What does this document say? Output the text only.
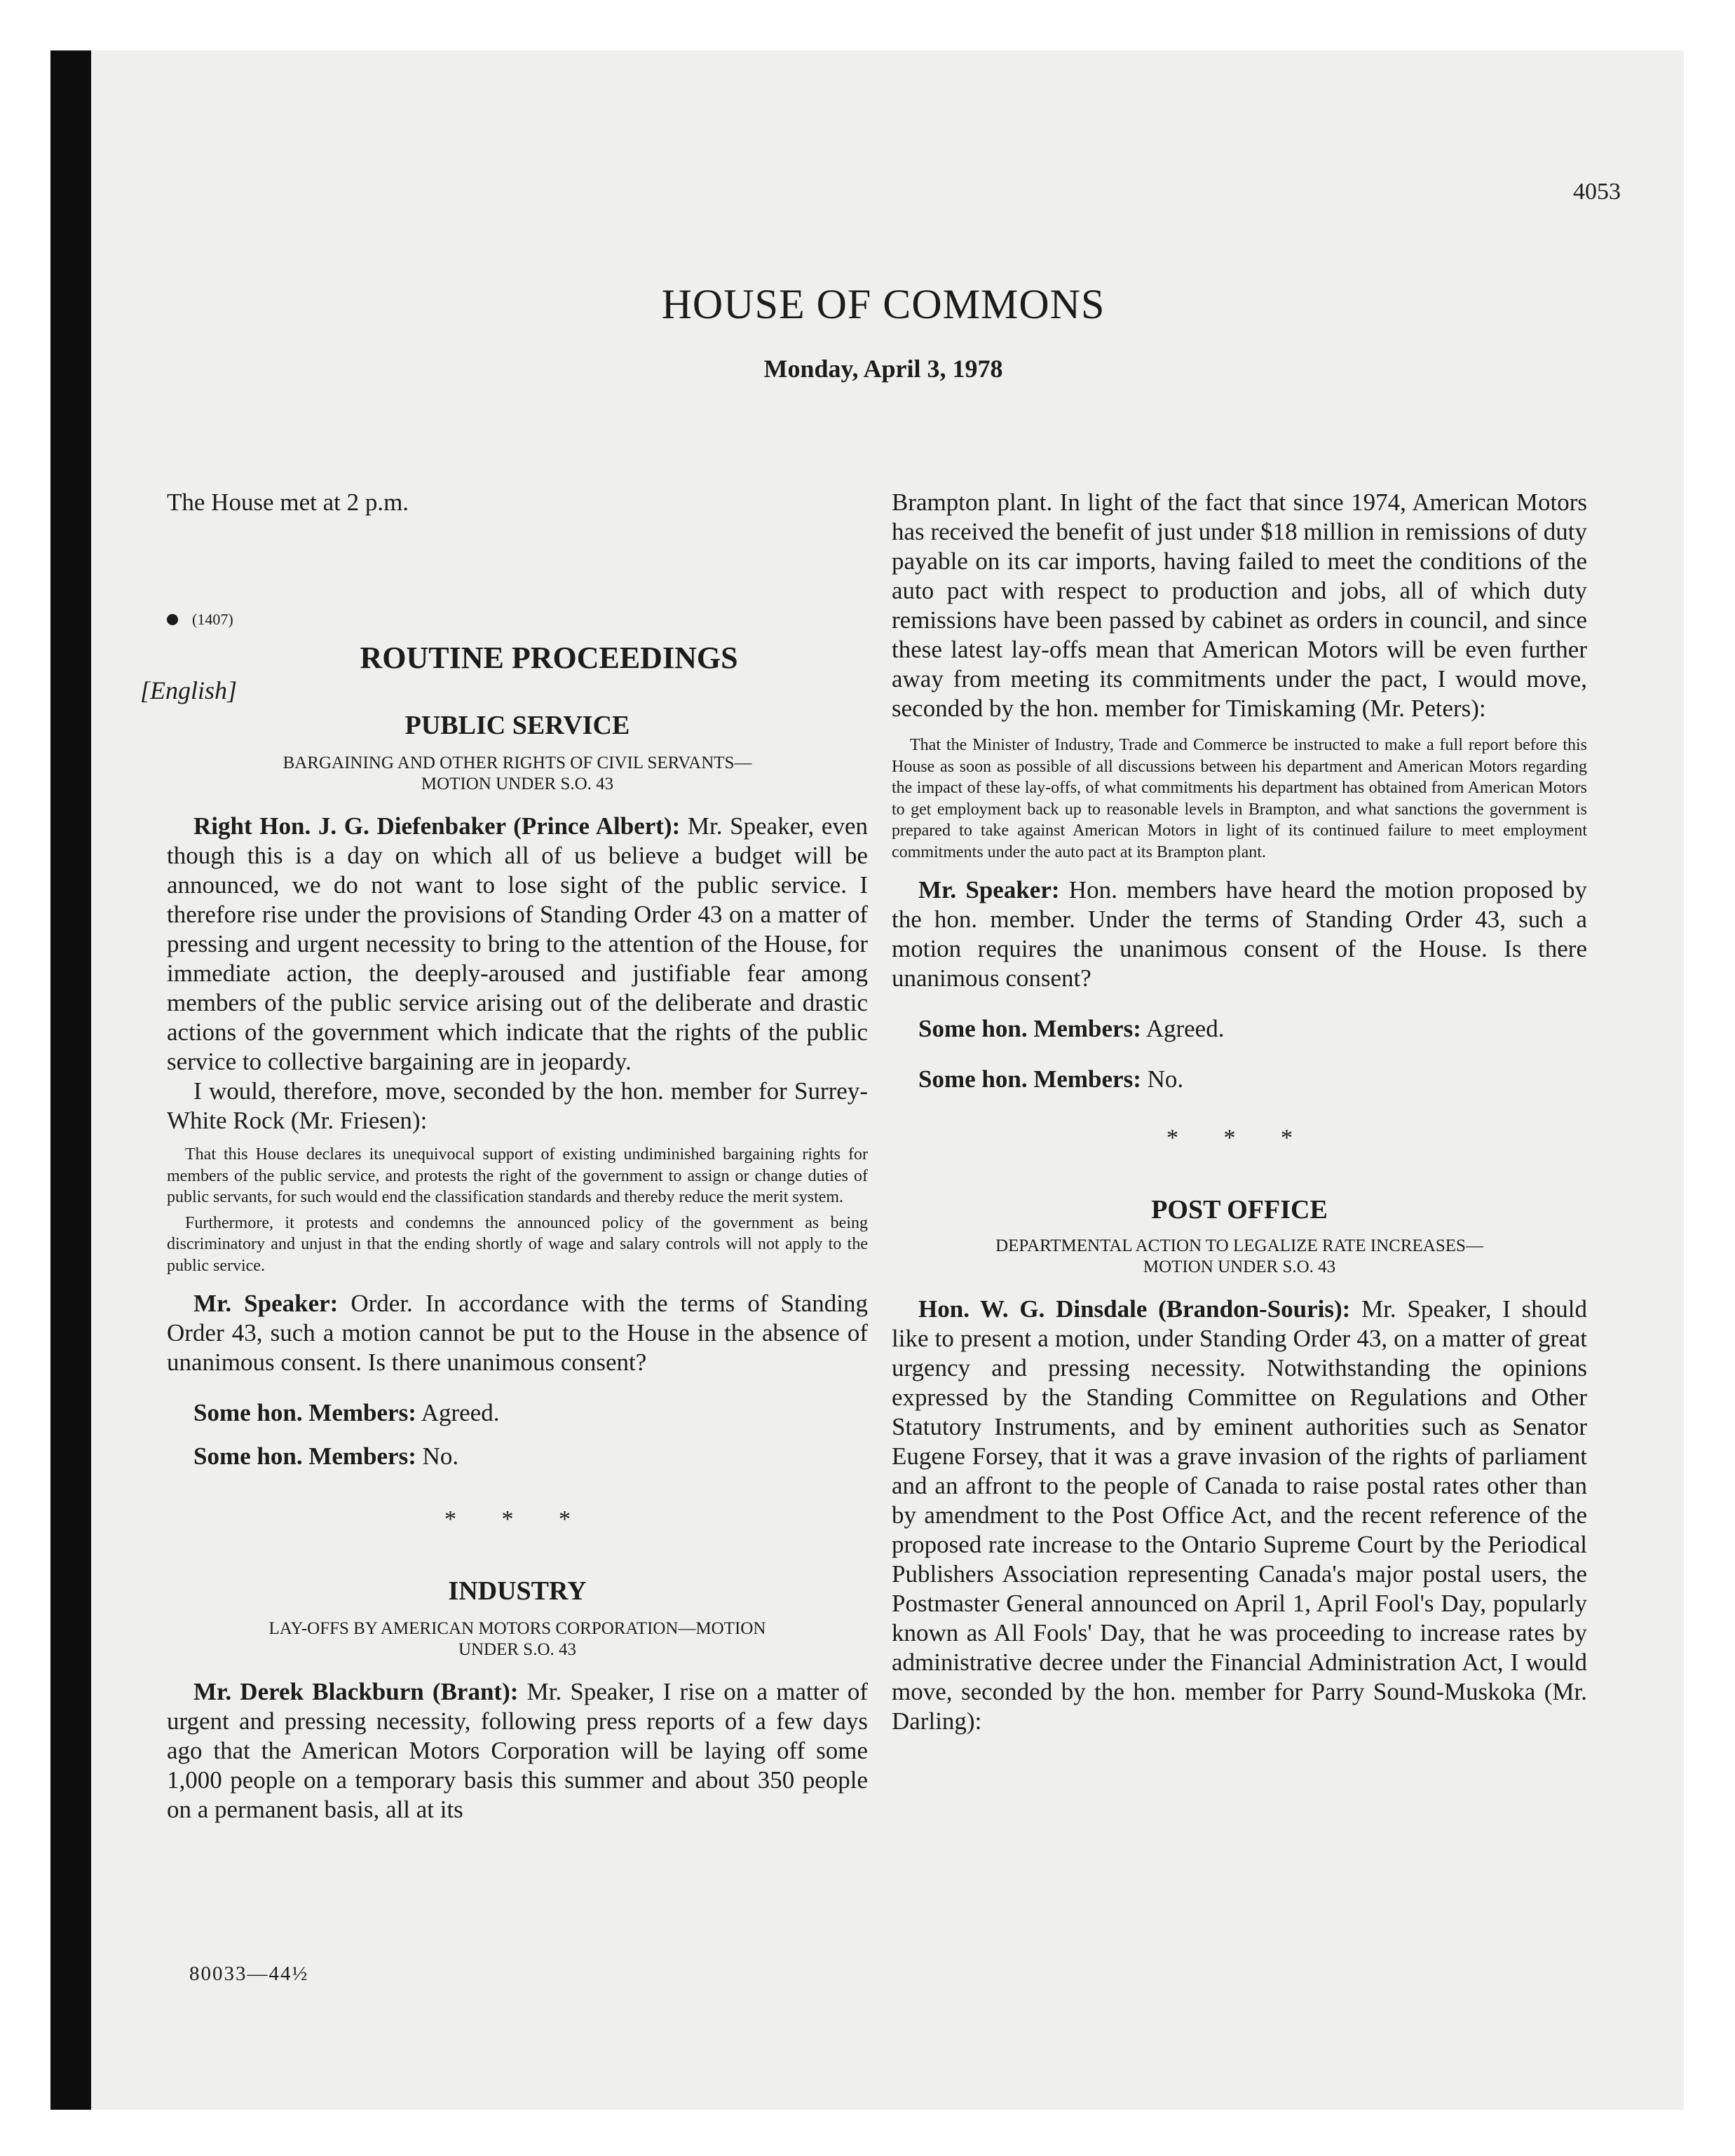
4053
HOUSE OF COMMONS
Monday, April 3, 1978

The House met at 2 p.m.

(1407)
[English]
ROUTINE PROCEEDINGS
PUBLIC SERVICE
BARGAINING AND OTHER RIGHTS OF CIVIL SERVANTS—
MOTION UNDER S.O. 43

Right Hon. J. G. Diefenbaker (Prince Albert): Mr. Speaker, even though this is a day on which all of us believe a budget will be announced, we do not want to lose sight of the public service. I therefore rise under the provisions of Standing Order 43 on a matter of pressing and urgent necessity to bring to the attention of the House, for immediate action, the deeply-aroused and justifiable fear among members of the public service arising out of the deliberate and drastic actions of the government which indicate that the rights of the public service to collective bargaining are in jeopardy.

I would, therefore, move, seconded by the hon. member for Surrey-White Rock (Mr. Friesen):

That this House declares its unequivocal support of existing undiminished bargaining rights for members of the public service, and protests the right of the government to assign or change duties of public servants, for such would end the classification standards and thereby reduce the merit system.

Furthermore, it protests and condemns the announced policy of the government as being discriminatory and unjust in that the ending shortly of wage and salary controls will not apply to the public service.

Mr. Speaker: Order. In accordance with the terms of Standing Order 43, such a motion cannot be put to the House in the absence of unanimous consent. Is there unanimous consent?

Some hon. Members: Agreed.

Some hon. Members: No.

* * *
INDUSTRY
LAY-OFFS BY AMERICAN MOTORS CORPORATION—MOTION
UNDER S.O. 43

Mr. Derek Blackburn (Brant): Mr. Speaker, I rise on a matter of urgent and pressing necessity, following press reports of a few days ago that the American Motors Corporation will be laying off some 1,000 people on a temporary basis this summer and about 350 people on a permanent basis, all at its

Brampton plant. In light of the fact that since 1974, American Motors has received the benefit of just under $18 million in remissions of duty payable on its car imports, having failed to meet the conditions of the auto pact with respect to production and jobs, all of which duty remissions have been passed by cabinet as orders in council, and since these latest lay-offs mean that American Motors will be even further away from meeting its commitments under the pact, I would move, seconded by the hon. member for Timiskaming (Mr. Peters):

That the Minister of Industry, Trade and Commerce be instructed to make a full report before this House as soon as possible of all discussions between his department and American Motors regarding the impact of these lay-offs, of what commitments his department has obtained from American Motors to get employment back up to reasonable levels in Brampton, and what sanctions the government is prepared to take against American Motors in light of its continued failure to meet employment commitments under the auto pact at its Brampton plant.

Mr. Speaker: Hon. members have heard the motion proposed by the hon. member. Under the terms of Standing Order 43, such a motion requires the unanimous consent of the House. Is there unanimous consent?

Some hon. Members: Agreed.

Some hon. Members: No.

* * *
POST OFFICE
DEPARTMENTAL ACTION TO LEGALIZE RATE INCREASES—
MOTION UNDER S.O. 43

Hon. W. G. Dinsdale (Brandon-Souris): Mr. Speaker, I should like to present a motion, under Standing Order 43, on a matter of great urgency and pressing necessity. Notwithstanding the opinions expressed by the Standing Committee on Regulations and Other Statutory Instruments, and by eminent authorities such as Senator Eugene Forsey, that it was a grave invasion of the rights of parliament and an affront to the people of Canada to raise postal rates other than by amendment to the Post Office Act, and the recent reference of the proposed rate increase to the Ontario Supreme Court by the Periodical Publishers Association representing Canada's major postal users, the Postmaster General announced on April 1, April Fool's Day, popularly known as All Fools' Day, that he was proceeding to increase rates by administrative decree under the Financial Administration Act, I would move, seconded by the hon. member for Parry Sound-Muskoka (Mr. Darling):

80033—44½
